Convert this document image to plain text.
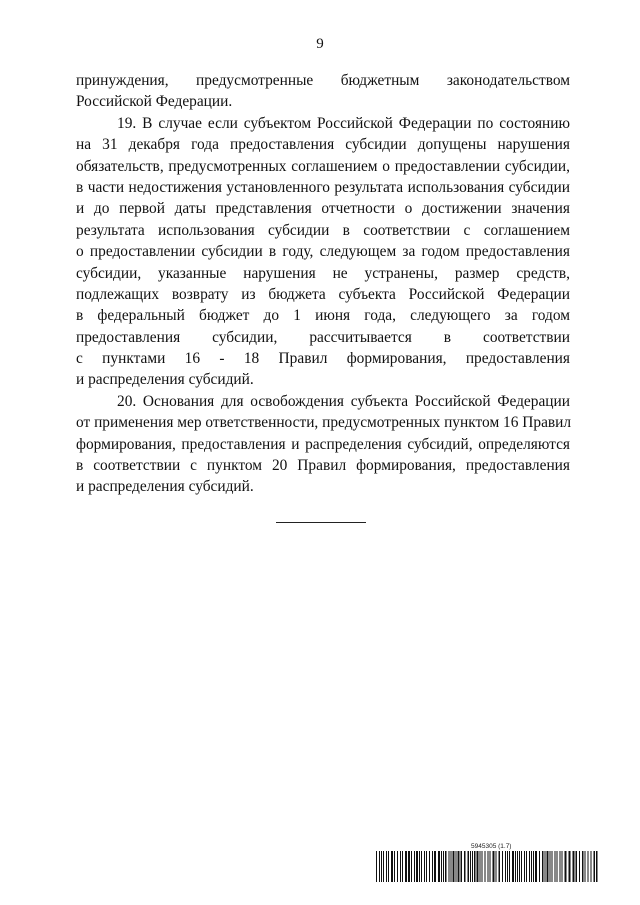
9
принуждения, предусмотренные бюджетным законодательством
Российской Федерации.
19. В случае если субъектом Российской Федерации по состоянию
на 31 декабря года предоставления субсидии допущены нарушения
обязательств, предусмотренных соглашением о предоставлении субсидии,
в части недостижения установленного результата использования субсидии
и до первой даты представления отчетности о достижении значения
результата использования субсидии в соответствии с соглашением
о предоставлении субсидии в году, следующем за годом предоставления
субсидии, указанные нарушения не устранены, размер средств,
подлежащих возврату из бюджета субъекта Российской Федерации
в федеральный бюджет до 1 июня года, следующего за годом
предоставления субсидии, рассчитывается в соответствии
с пунктами 16 - 18 Правил формирования, предоставления
и распределения субсидий.
20. Основания для освобождения субъекта Российской Федерации
от применения мер ответственности, предусмотренных пунктом 16 Правил
формирования, предоставления и распределения субсидий, определяются
в соответствии с пунктом 20 Правил формирования, предоставления
и распределения субсидий.
5945305 (1.7)
